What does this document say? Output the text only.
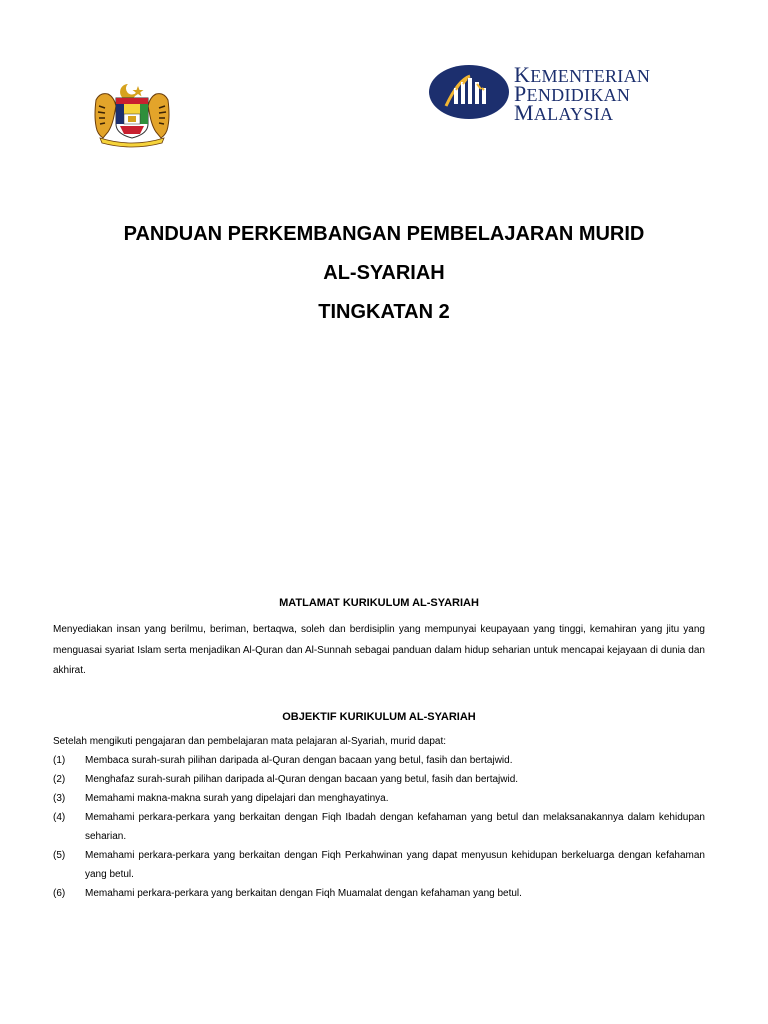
KEMENTERIAN
PENDIDIKAN
MALAYSIA
PANDUAN PERKEMBANGAN PEMBELAJARAN MURID
AL-SYARIAH
TINGKATAN 2
MATLAMAT KURIKULUM AL-SYARIAH

Menyediakan insan yang berilmu, beriman, bertaqwa, soleh dan berdisiplin yang mempunyai keupayaan yang tinggi, kemahiran yang jitu yang menguasai syariat Islam serta menjadikan Al-Quran dan Al-Sunnah sebagai panduan dalam hidup seharian untuk mencapai kejayaan di dunia dan akhirat.

OBJEKTIF KURIKULUM AL-SYARIAH

Setelah mengikuti pengajaran dan pembelajaran mata pelajaran al-Syariah, murid dapat:

(1)	Membaca surah-surah pilihan daripada al-Quran dengan bacaan yang betul, fasih dan bertajwid.
(2)	Menghafaz surah-surah pilihan daripada al-Quran dengan bacaan yang betul, fasih dan bertajwid.
(3)	Memahami makna-makna surah yang dipelajari dan menghayatinya.
(4)	Memahami perkara-perkara yang berkaitan dengan Fiqh Ibadah dengan kefahaman yang betul dan melaksanakannya dalam kehidupan seharian.
(5)	Memahami perkara-perkara yang berkaitan dengan Fiqh Perkahwinan yang dapat menyusun kehidupan berkeluarga dengan kefahaman yang betul.
(6)	Memahami perkara-perkara yang berkaitan dengan Fiqh Muamalat dengan kefahaman yang betul.
